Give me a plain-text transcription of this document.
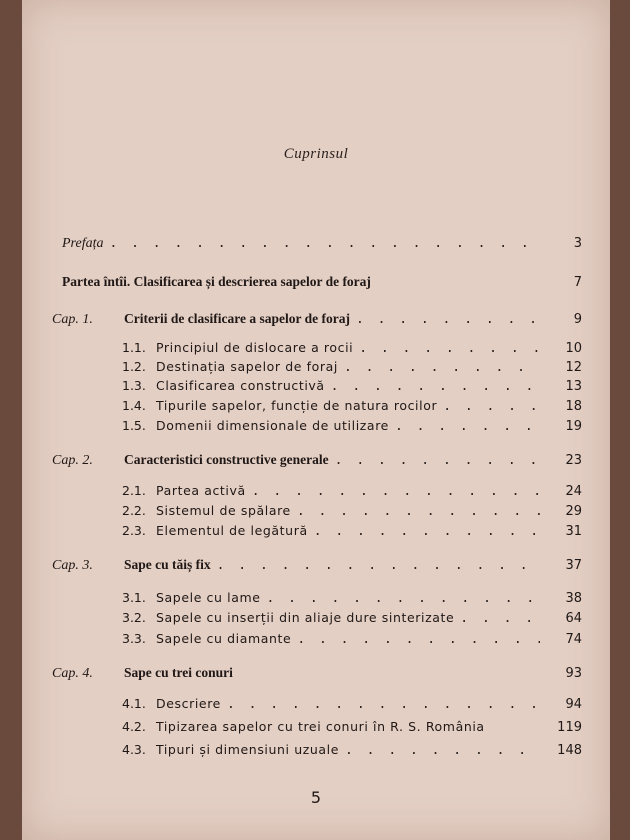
Cuprinsul
Prefața . . .	3
Partea întîi. Clasificarea și descrierea sapelor de foraj	7
Cap. 1.	Criterii de clasificare a sapelor de foraj . . .	9
1.1. Principiul de dislocare a rocii . . .	10
1.2. Destinația sapelor de foraj . . .	12
1.3. Clasificarea constructivă . . .	13
1.4. Tipurile sapelor, funcție de natura rocilor . . .	18
1.5. Domenii dimensionale de utilizare . . .	19
Cap. 2.	Caracteristici constructive generale . . .	23
2.1. Partea activă . . .	24
2.2. Sistemul de spălare . . .	29
2.3. Elementul de legătură . . .	31
Cap. 3.	Sape cu tăiș fix . . .	37
3.1. Sapele cu lame . . .	38
3.2. Sapele cu inserții din aliaje dure sinterizate . . .	64
3.3. Sapele cu diamante . . .	74
Cap. 4.	Sape cu trei conuri	93
4.1. Descriere . . .	94
4.2. Tipizarea sapelor cu trei conuri în R. S. România	119
4.3. Tipuri și dimensiuni uzuale . . .	148
5
